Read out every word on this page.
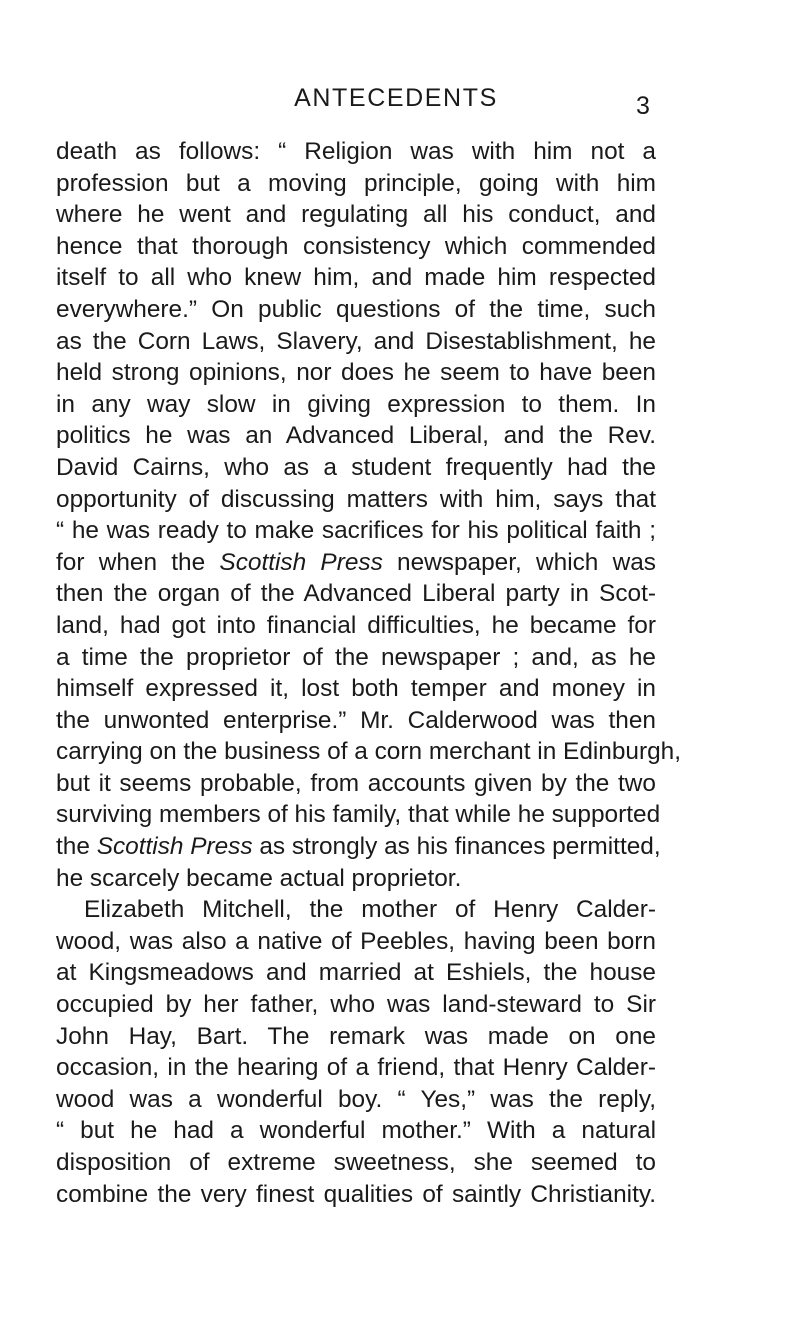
ANTECEDENTS	3
death as follows: “ Religion was with him not a
profession but a moving principle, going with him
where he went and regulating all his conduct, and
hence that thorough consistency which commended
itself to all who knew him, and made him respected
everywhere.” On public questions of the time, such
as the Corn Laws, Slavery, and Disestablishment, he
held strong opinions, nor does he seem to have been
in any way slow in giving expression to them. In
politics he was an Advanced Liberal, and the Rev.
David Cairns, who as a student frequently had the
opportunity of discussing matters with him, says that
“ he was ready to make sacrifices for his political faith ;
for when the Scottish Press newspaper, which was
then the organ of the Advanced Liberal party in Scot-
land, had got into financial difficulties, he became for
a time the proprietor of the newspaper ; and, as he
himself expressed it, lost both temper and money in
the unwonted enterprise.” Mr. Calderwood was then
carrying on the business of a corn merchant in Edinburgh,
but it seems probable, from accounts given by the two
surviving members of his family, that while he supported
the Scottish Press as strongly as his finances permitted,
he scarcely became actual proprietor.
Elizabeth Mitchell, the mother of Henry Calder-
wood, was also a native of Peebles, having been born
at Kingsmeadows and married at Eshiels, the house
occupied by her father, who was land-steward to Sir
John Hay, Bart. The remark was made on one
occasion, in the hearing of a friend, that Henry Calder-
wood was a wonderful boy. “ Yes,” was the reply,
“ but he had a wonderful mother.” With a natural
disposition of extreme sweetness, she seemed to
combine the very finest qualities of saintly Christianity.
